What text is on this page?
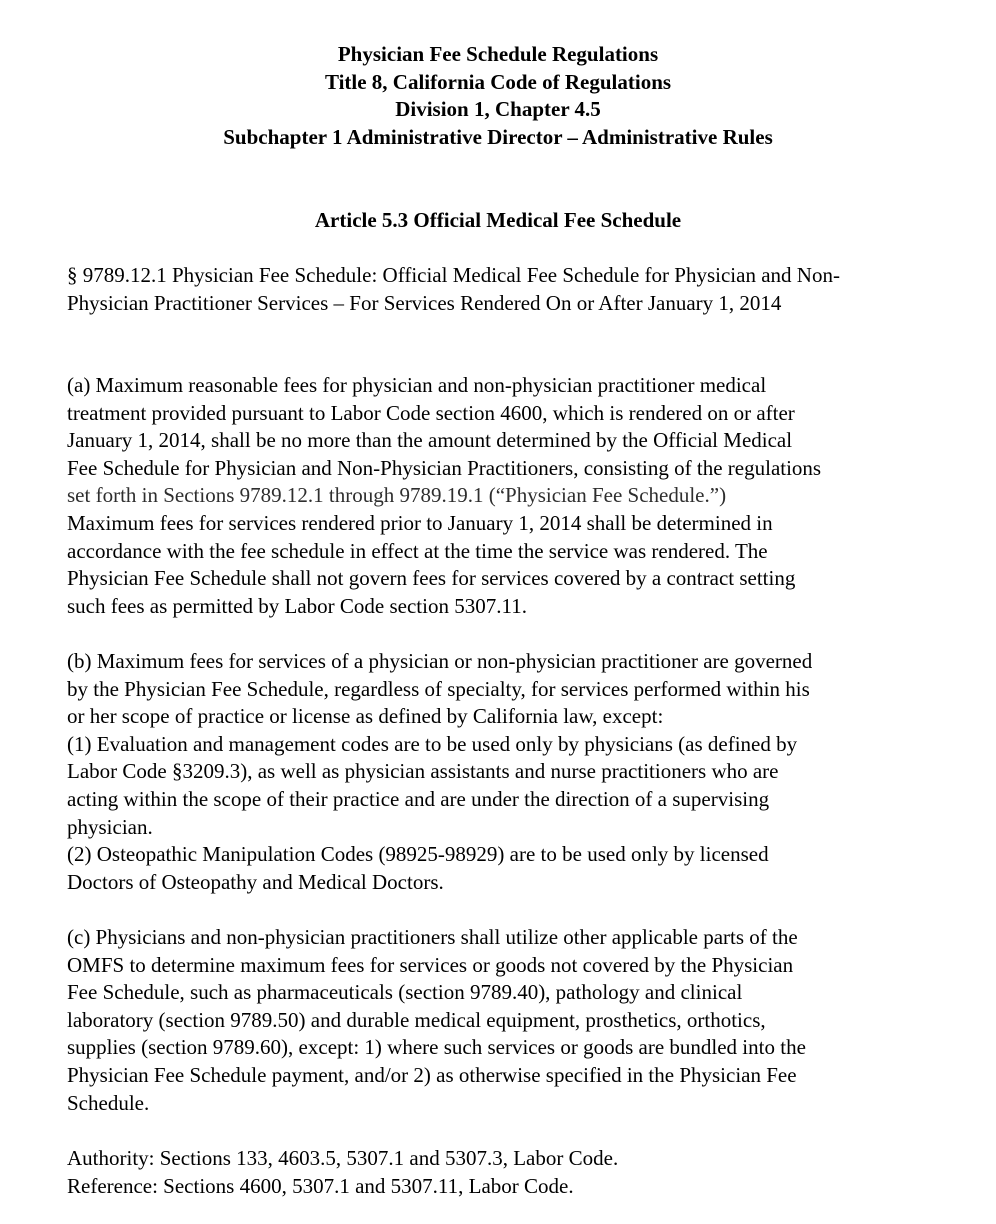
Physician Fee Schedule Regulations
Title 8, California Code of Regulations
Division 1, Chapter 4.5
Subchapter 1 Administrative Director – Administrative Rules
Article 5.3 Official Medical Fee Schedule
§ 9789.12.1 Physician Fee Schedule: Official Medical Fee Schedule for Physician and Non-Physician Practitioner Services – For Services Rendered On or After January 1, 2014
(a) Maximum reasonable fees for physician and non-physician practitioner medical
treatment provided pursuant to Labor Code section 4600, which is rendered on or after
January 1, 2014, shall be no more than the amount determined by the Official Medical
Fee Schedule for Physician and Non-Physician Practitioners, consisting of the regulations
set forth in Sections 9789.12.1 through 9789.19.1 (“Physician Fee Schedule.”)
Maximum fees for services rendered prior to January 1, 2014 shall be determined in
accordance with the fee schedule in effect at the time the service was rendered. The
Physician Fee Schedule shall not govern fees for services covered by a contract setting
such fees as permitted by Labor Code section 5307.11.
(b) Maximum fees for services of a physician or non-physician practitioner are governed
by the Physician Fee Schedule, regardless of specialty, for services performed within his
or her scope of practice or license as defined by California law, except:
(1) Evaluation and management codes are to be used only by physicians (as defined by
Labor Code §3209.3), as well as physician assistants and nurse practitioners who are
acting within the scope of their practice and are under the direction of a supervising
physician.
(2) Osteopathic Manipulation Codes (98925-98929) are to be used only by licensed
Doctors of Osteopathy and Medical Doctors.
(c) Physicians and non-physician practitioners shall utilize other applicable parts of the
OMFS to determine maximum fees for services or goods not covered by the Physician
Fee Schedule, such as pharmaceuticals (section 9789.40), pathology and clinical
laboratory (section 9789.50) and durable medical equipment, prosthetics, orthotics,
supplies (section 9789.60), except: 1) where such services or goods are bundled into the
Physician Fee Schedule payment, and/or 2) as otherwise specified in the Physician Fee
Schedule.
Authority: Sections 133, 4603.5, 5307.1 and 5307.3, Labor Code.
Reference: Sections 4600, 5307.1 and 5307.11, Labor Code.
